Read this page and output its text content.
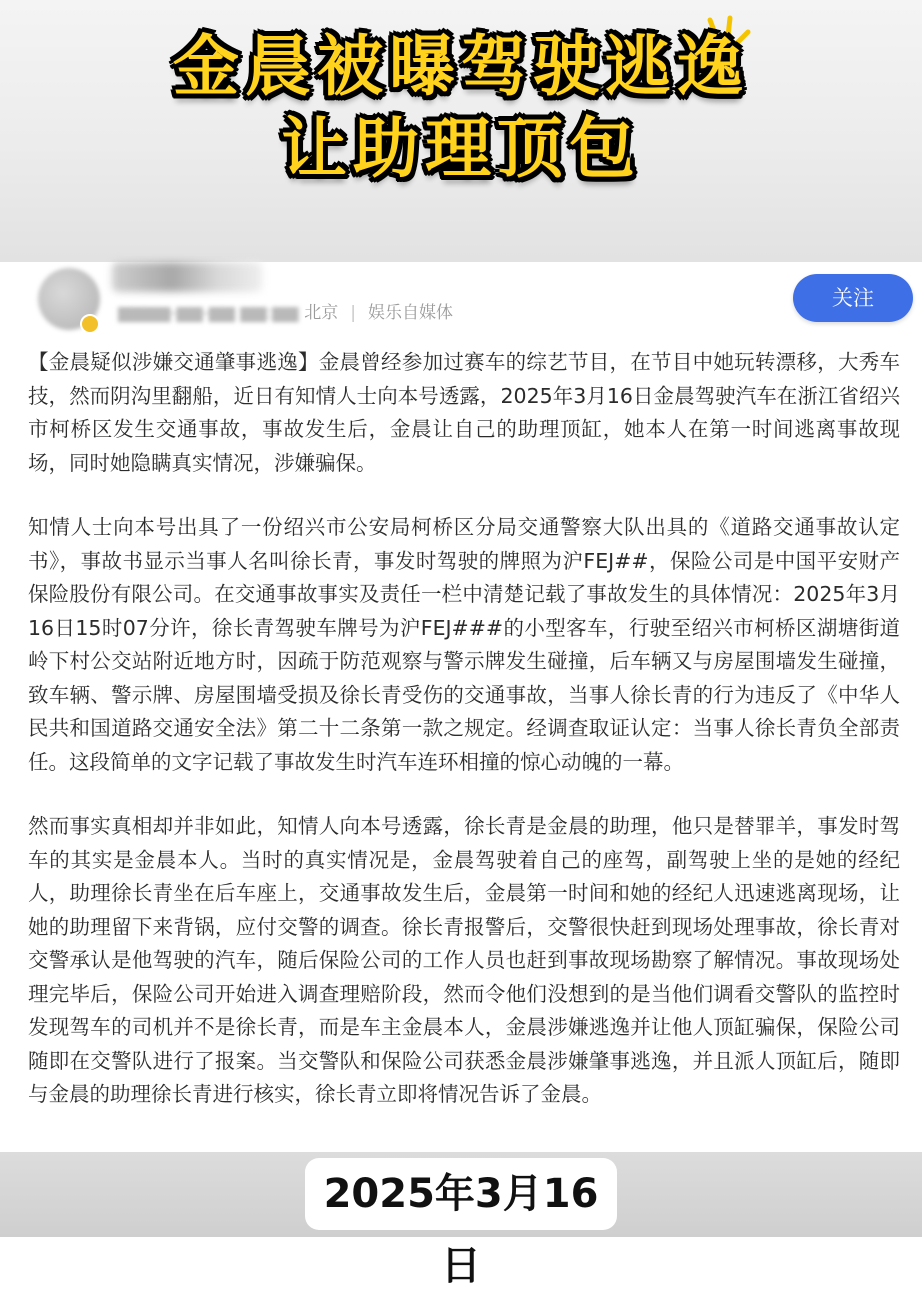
金晨被曝驾驶逃逸
让助理顶包
▆▆▆▆-▆▆-▆▆ ▆▆:▆▆ 北京 | 娱乐自媒体
关注

【金晨疑似涉嫌交通肇事逃逸】金晨曾经参加过赛车的综艺节目，在节目中她玩转漂移，大秀车技，然而阴沟里翻船，近日有知情人士向本号透露，2025年3月16日金晨驾驶汽车在浙江省绍兴市柯桥区发生交通事故，事故发生后，金晨让自己的助理顶缸，她本人在第一时间逃离事故现场，同时她隐瞒真实情况，涉嫌骗保。

知情人士向本号出具了一份绍兴市公安局柯桥区分局交通警察大队出具的《道路交通事故认定书》，事故书显示当事人名叫徐长青，事发时驾驶的牌照为沪FEJ##，保险公司是中国平安财产保险股份有限公司。在交通事故事实及责任一栏中清楚记载了事故发生的具体情况：2025年3月16日15时07分许，徐长青驾驶车牌号为沪FEJ###的小型客车，行驶至绍兴市柯桥区湖塘街道岭下村公交站附近地方时，因疏于防范观察与警示牌发生碰撞，后车辆又与房屋围墙发生碰撞，致车辆、警示牌、房屋围墙受损及徐长青受伤的交通事故，当事人徐长青的行为违反了《中华人民共和国道路交通安全法》第二十二条第一款之规定。经调查取证认定：当事人徐长青负全部责任。这段简单的文字记载了事故发生时汽车连环相撞的惊心动魄的一幕。

然而事实真相却并非如此，知情人向本号透露，徐长青是金晨的助理，他只是替罪羊，事发时驾车的其实是金晨本人。当时的真实情况是，金晨驾驶着自己的座驾，副驾驶上坐的是她的经纪人，助理徐长青坐在后车座上，交通事故发生后，金晨第一时间和她的经纪人迅速逃离现场，让她的助理留下来背锅，应付交警的调查。徐长青报警后，交警很快赶到现场处理事故，徐长青对交警承认是他驾驶的汽车，随后保险公司的工作人员也赶到事故现场勘察了解情况。事故现场处理完毕后，保险公司开始进入调查理赔阶段，然而令他们没想到的是当他们调看交警队的监控时发现驾车的司机并不是徐长青，而是车主金晨本人，金晨涉嫌逃逸并让他人顶缸骗保，保险公司随即在交警队进行了报案。当交警队和保险公司获悉金晨涉嫌肇事逃逸，并且派人顶缸后，随即与金晨的助理徐长青进行核实，徐长青立即将情况告诉了金晨。

2025年3月16日
